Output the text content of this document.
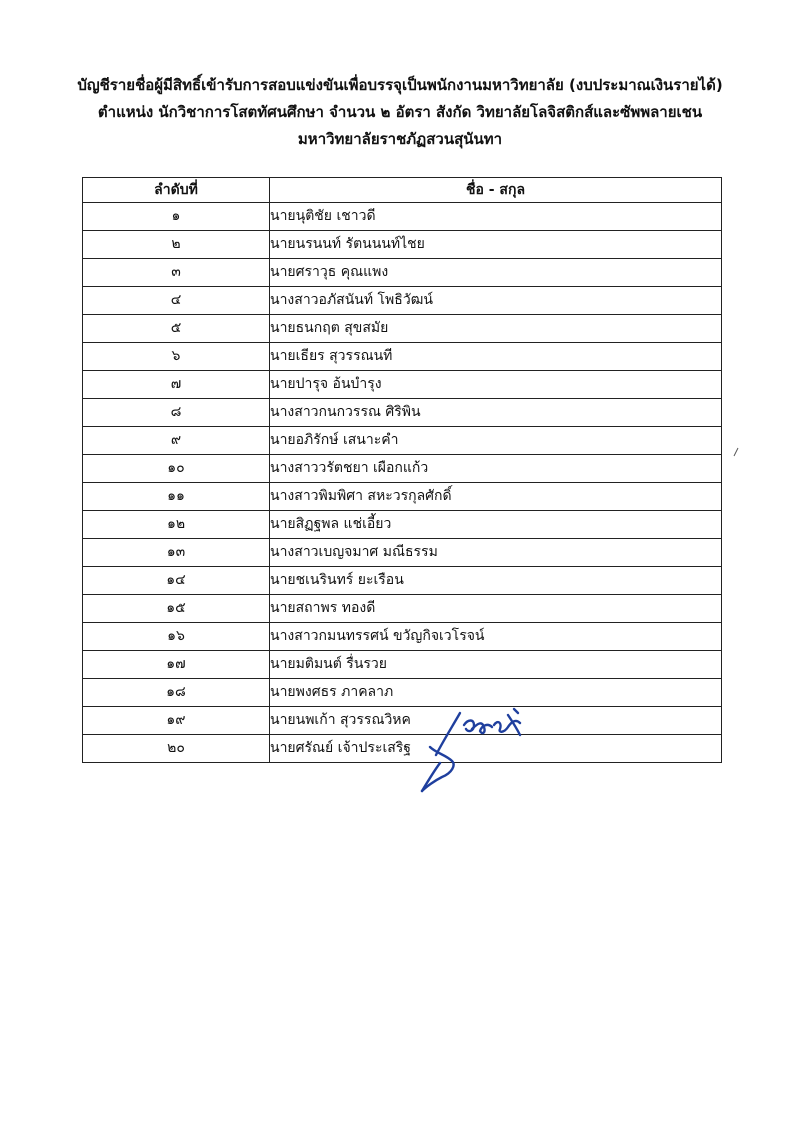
บัญชีรายชื่อผู้มีสิทธิ์เข้ารับการสอบแข่งขันเพื่อบรรจุเป็นพนักงานมหาวิทยาลัย (งบประมาณเงินรายได้)
ตำแหน่ง นักวิชาการโสตทัศนศึกษา จำนวน ๒ อัตรา สังกัด วิทยาลัยโลจิสติกส์และซัพพลายเชน
มหาวิทยาลัยราชภัฏสวนสุนันทา
ลำดับที่	ชื่อ - สกุล
๑	นายนุติชัย เชาวดี
๒	นายนรนนท์ รัตนนนท์ไชย
๓	นายศราวุธ คุณแพง
๔	นางสาวอภัสนันท์ โพธิวัฒน์
๕	นายธนกฤต สุขสมัย
๖	นายเธียร สุวรรณนที
๗	นายปารุจ อ้นบำรุง
๘	นางสาวกนกวรรณ ศิริพิน
๙	นายอภิรักษ์ เสนาะคำ
๑๐	นางสาววรัตชยา เผือกแก้ว
๑๑	นางสาวพิมพิศา สหะวรกุลศักดิ์
๑๒	นายสิฏฐพล แช่เอี้ยว
๑๓	นางสาวเบญจมาศ มณีธรรม
๑๔	นายชเนรินทร์ ยะเรือน
๑๕	นายสถาพร ทองดี
๑๖	นางสาวกมนทรรศน์ ขวัญกิจเวโรจน์
๑๗	นายมติมนต์ รื่นรวย
๑๘	นายพงศธร ภาคลาภ
๑๙	นายนพเก้า สุวรรณวิหค
๒๐	นายศรัณย์ เจ้าประเสริฐ
